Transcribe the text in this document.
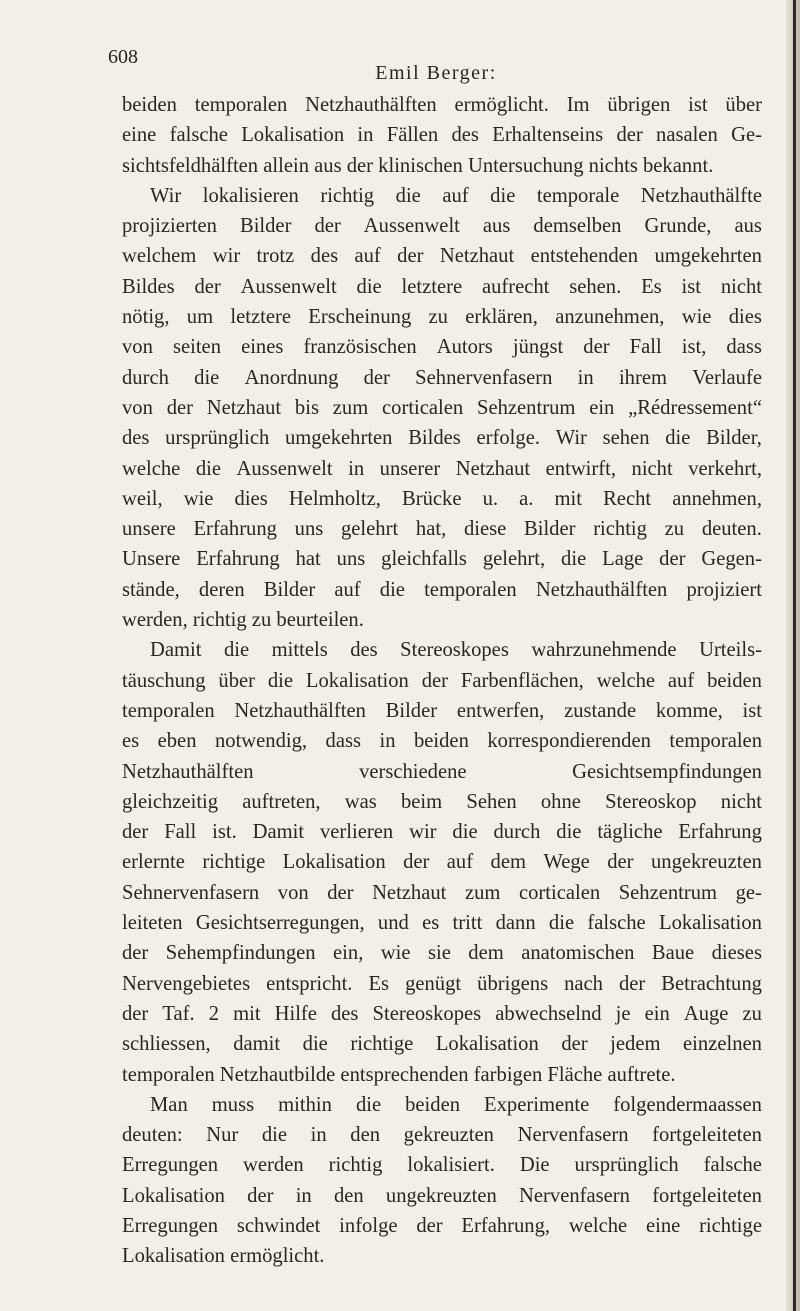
608
Emil Berger:
beiden temporalen Netzhauthälften ermöglicht. Im übrigen ist über
eine falsche Lokalisation in Fällen des Erhaltenseins der nasalen Ge-
sichtsfeldhälften allein aus der klinischen Untersuchung nichts bekannt.
Wir lokalisieren richtig die auf die temporale Netzhauthälfte
projizierten Bilder der Aussenwelt aus demselben Grunde, aus
welchem wir trotz des auf der Netzhaut entstehenden umgekehrten
Bildes der Aussenwelt die letztere aufrecht sehen. Es ist nicht
nötig, um letztere Erscheinung zu erklären, anzunehmen, wie dies
von seiten eines französischen Autors jüngst der Fall ist, dass
durch die Anordnung der Sehnervenfasern in ihrem Verlaufe
von der Netzhaut bis zum corticalen Sehzentrum ein „Rédressement“
des ursprünglich umgekehrten Bildes erfolge. Wir sehen die Bilder,
welche die Aussenwelt in unserer Netzhaut entwirft, nicht verkehrt,
weil, wie dies Helmholtz, Brücke u. a. mit Recht annehmen,
unsere Erfahrung uns gelehrt hat, diese Bilder richtig zu deuten.
Unsere Erfahrung hat uns gleichfalls gelehrt, die Lage der Gegen-
stände, deren Bilder auf die temporalen Netzhauthälften projiziert
werden, richtig zu beurteilen.
Damit die mittels des Stereoskopes wahrzunehmende Urteils-
täuschung über die Lokalisation der Farbenflächen, welche auf beiden
temporalen Netzhauthälften Bilder entwerfen, zustande komme, ist
es eben notwendig, dass in beiden korrespondierenden temporalen
Netzhauthälften	verschiedene	Gesichtsempfindungen
gleichzeitig auftreten, was beim Sehen ohne Stereoskop nicht
der Fall ist. Damit verlieren wir die durch die tägliche Erfahrung
erlernte richtige Lokalisation der auf dem Wege der ungekreuzten
Sehnervenfasern von der Netzhaut zum corticalen Sehzentrum ge-
leiteten Gesichtserregungen, und es tritt dann die falsche Lokalisation
der Sehempfindungen ein, wie sie dem anatomischen Baue dieses
Nervengebietes entspricht. Es genügt übrigens nach der Betrachtung
der Taf. 2 mit Hilfe des Stereoskopes abwechselnd je ein Auge zu
schliessen, damit die richtige Lokalisation der jedem einzelnen
temporalen Netzhautbilde entsprechenden farbigen Fläche auftrete.
Man muss mithin die beiden Experimente folgendermaassen
deuten: Nur die in den gekreuzten Nervenfasern fortgeleiteten
Erregungen werden richtig lokalisiert. Die ursprünglich falsche
Lokalisation der in den ungekreuzten Nervenfasern fortgeleiteten
Erregungen schwindet infolge der Erfahrung, welche eine richtige
Lokalisation ermöglicht.
